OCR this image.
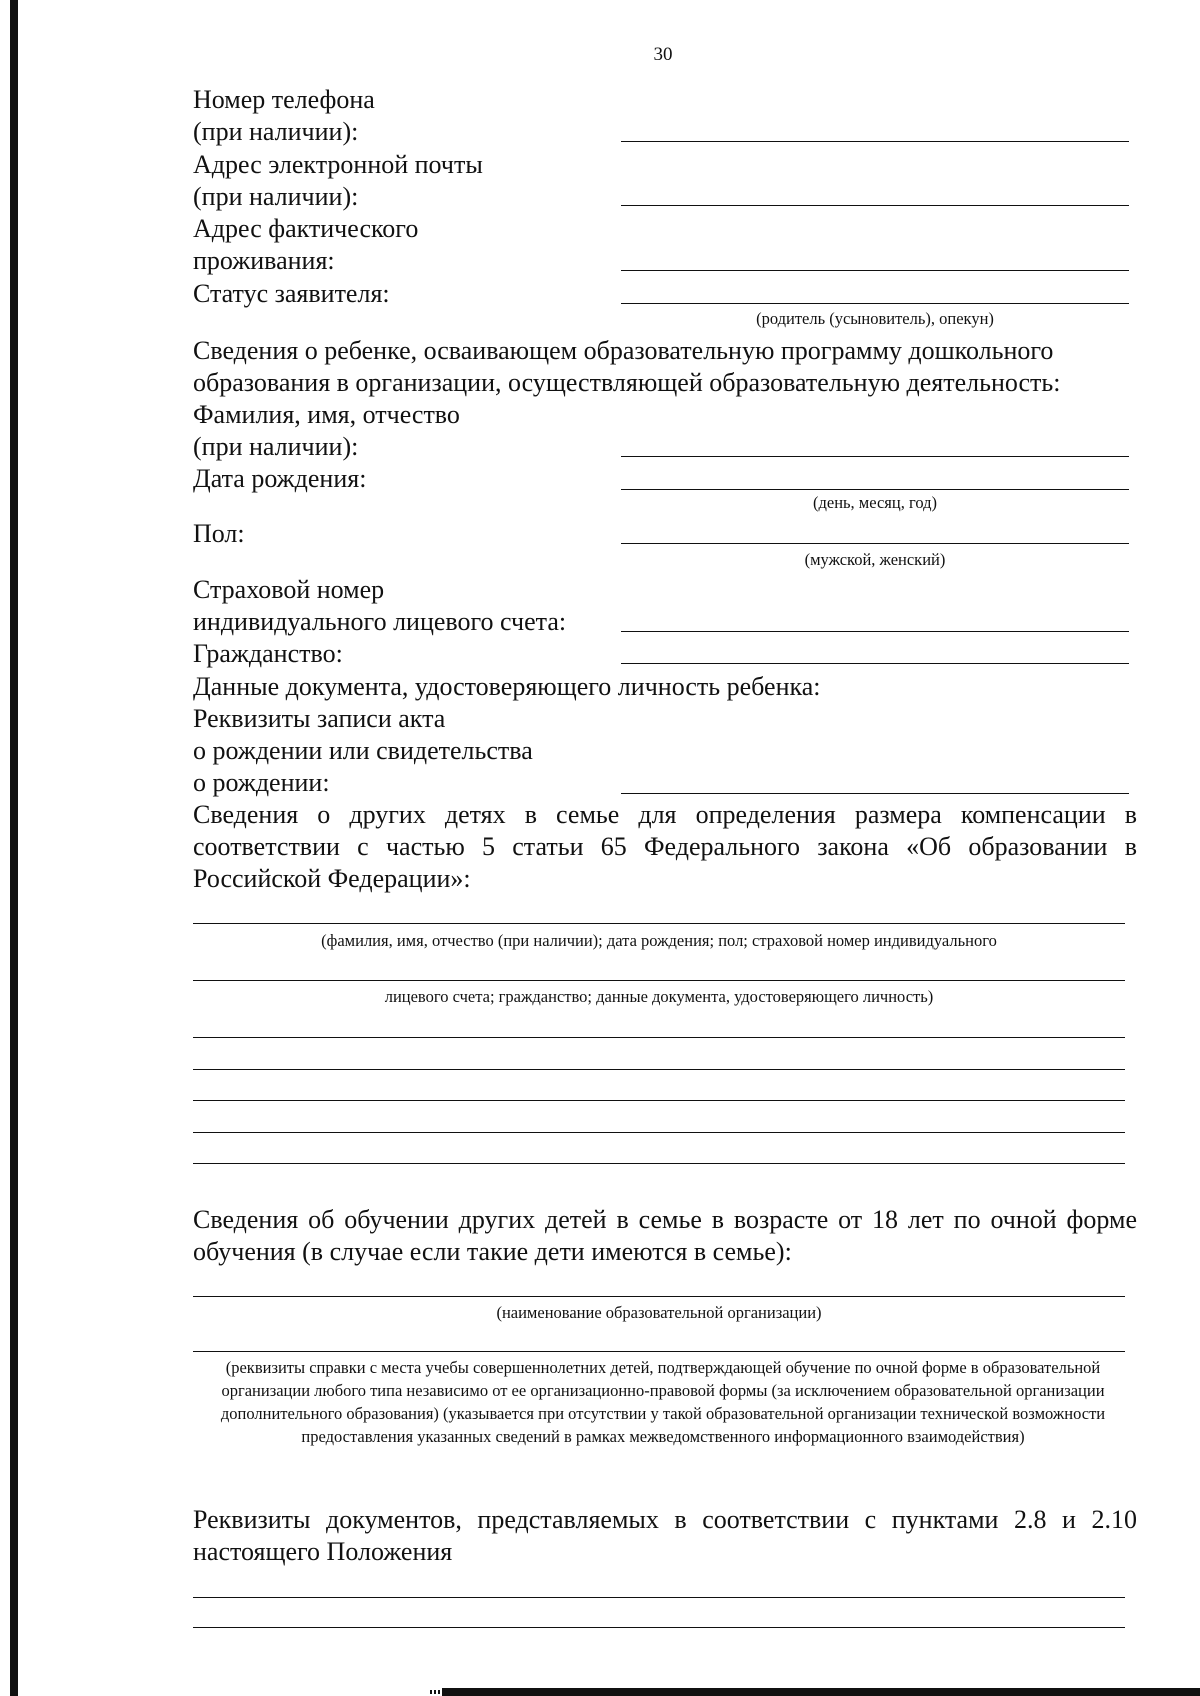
30
Номер телефона
(при наличии):
Адрес электронной почты
(при наличии):
Адрес фактического
проживания:
Статус заявителя:
(родитель (усыновитель), опекун)
Сведения о ребенке, осваивающем образовательную программу дошкольного
образования в организации, осуществляющей образовательную деятельность:
Фамилия, имя, отчество
(при наличии):
Дата рождения:
(день, месяц, год)
Пол:
(мужской, женский)
Страховой номер
индивидуального лицевого счета:
Гражданство:
Данные документа, удостоверяющего личность ребенка:
Реквизиты записи акта
о рождении или свидетельства
о рождении:
Сведения о других детях в семье для определения размера компенсации в соответствии с частью 5 статьи 65 Федерального закона «Об образовании в Российской Федерации»:
(фамилия, имя, отчество (при наличии); дата рождения; пол; страховой номер индивидуального
лицевого счета; гражданство; данные документа, удостоверяющего личность)
Сведения об обучении других детей в семье в возрасте от 18 лет по очной форме обучения (в случае если такие дети имеются в семье):
(наименование образовательной организации)
(реквизиты справки с места учебы совершеннолетних детей, подтверждающей обучение по очной форме в образовательной организации любого типа независимо от ее организационно-правовой формы (за исключением образовательной организации дополнительного образования) (указывается при отсутствии у такой образовательной организации технической возможности предоставления указанных сведений в рамках межведомственного информационного взаимодействия)
Реквизиты документов, представляемых в соответствии с пунктами 2.8 и 2.10 настоящего Положения
